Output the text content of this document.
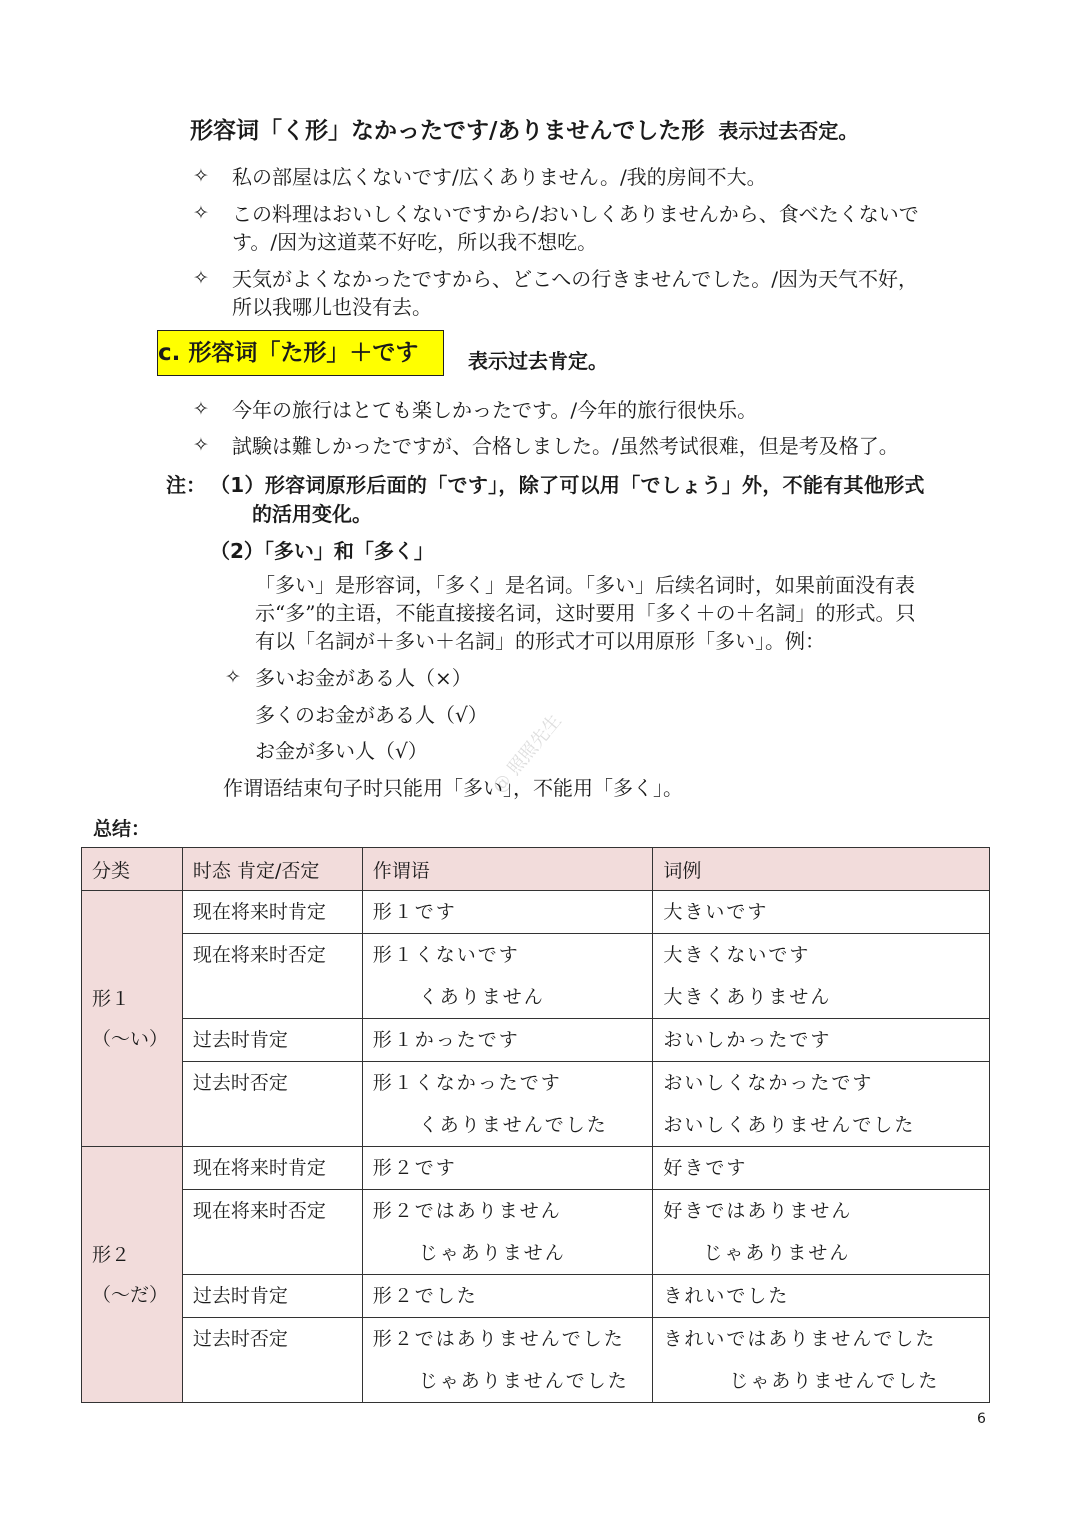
形容词「く形」なかったです/ありませんでした形 表示过去否定。
✧ 私の部屋は広くないです/広くありません。/我的房间不大。
✧ この料理はおいしくないですから/おいしくありませんから、食べたくないで
す。/因为这道菜不好吃，所以我不想吃。
✧ 天気がよくなかったですから、どこへの行きませんでした。/因为天气不好，
所以我哪儿也没有去。
c. 形容词「た形」＋です	表示过去肯定。
✧ 今年の旅行はとても楽しかったです。/今年的旅行很快乐。
✧ 試験は難しかったですが、合格しました。/虽然考试很难，但是考及格了。
注： （1）形容词原形后面的「です」，除了可以用「でしょう」外，不能有其他形式
的活用变化。
（2）「多い」和「多く」
「多い」是形容词，「多く」是名词。「多い」后续名词时，如果前面没有表
示“多”的主语，不能直接接名词，这时要用「多く＋の＋名詞」的形式。只
有以「名詞が＋多い＋名詞」的形式才可以用原形「多い」。例：
✧ 多いお金がある人（×）
多くのお金がある人（√）
お金が多い人（√）	@ 照照先生
作谓语结束句子时只能用「多い」，不能用「多く」。
总结：
分类	时态 肯定/否定	作谓语	词例

形１
（～い）	现在将来时肯定	形１です	大きいです

	现在将来时否定	形１くないです
くありません	大きくないです
大きくありません

	过去时肯定	形１かったです	おいしかったです

	过去时否定	形１くなかったです
くありませんでした	おいしくなかったです
おいしくありませんでした

形２
（～だ）	现在将来时肯定	形２です	好きです

	现在将来时否定	形２ではありません
じゃありません	好きではありません
じゃありません

	过去时肯定	形２でした	きれいでした

	过去时否定	形２ではありませんでした
じゃありませんでした	きれいではありませんでした
じゃありませんでした
6
